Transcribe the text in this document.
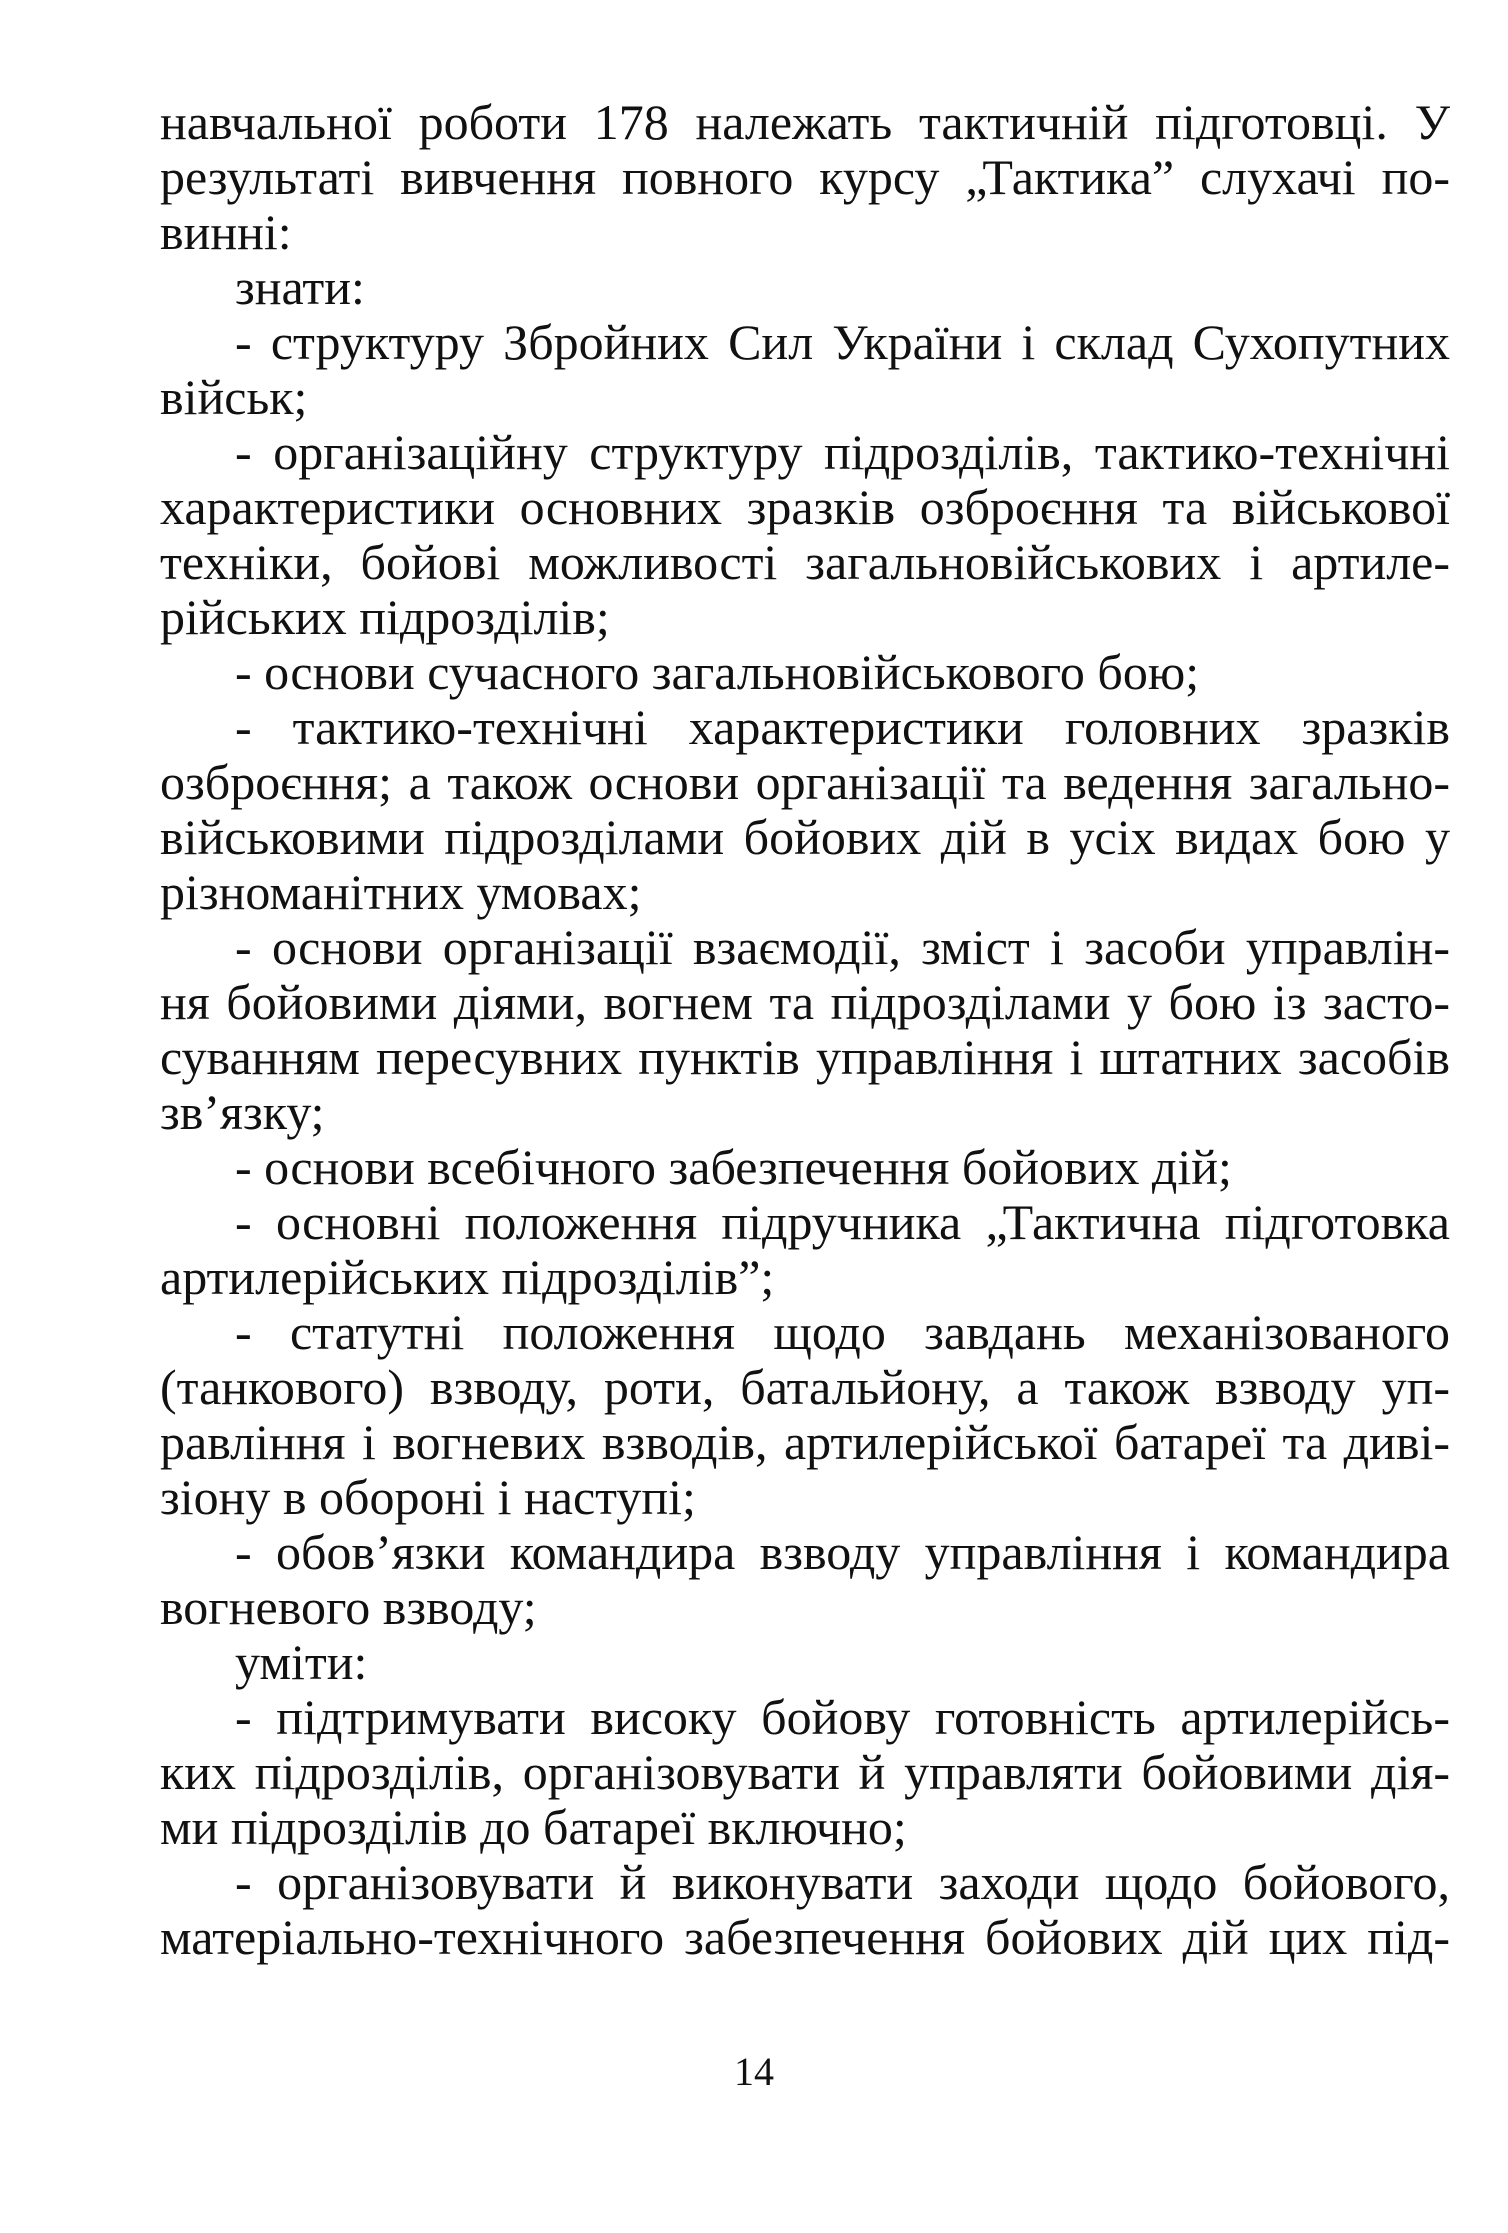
навчальної роботи 178 належать тактичній підготовці. У
результаті вивчення повного курсу „Тактика” слухачі по-
винні:
знати:
- структуру Збройних Сил України і склад Сухопутних
військ;
- організаційну структуру підрозділів, тактико-технічні
характеристики основних зразків озброєння та військової
техніки, бойові можливості загальновійськових і артиле-
рійських підрозділів;
- основи сучасного загальновійськового бою;
- тактико-технічні характеристики головних зразків
озброєння; а також основи організації та ведення загально-
військовими підрозділами бойових дій в усіх видах бою у
різноманітних умовах;
- основи організації взаємодії, зміст і засоби управлін-
ня бойовими діями, вогнем та підрозділами у бою із засто-
суванням пересувних пунктів управління і штатних засобів
зв’язку;
- основи всебічного забезпечення бойових дій;
- основні положення підручника „Тактична підготовка
артилерійських підрозділів”;
- статутні положення щодо завдань механізованого
(танкового) взводу, роти, батальйону, а також взводу уп-
равління і вогневих взводів, артилерійської батареї та диві-
зіону в обороні і наступі;
- обов’язки командира взводу управління і командира
вогневого взводу;
уміти:
- підтримувати високу бойову готовність артилерійсь-
ких підрозділів, організовувати й управляти бойовими дія-
ми підрозділів до батареї включно;
- організовувати й виконувати заходи щодо бойового,
матеріально-технічного забезпечення бойових дій цих під-
14
